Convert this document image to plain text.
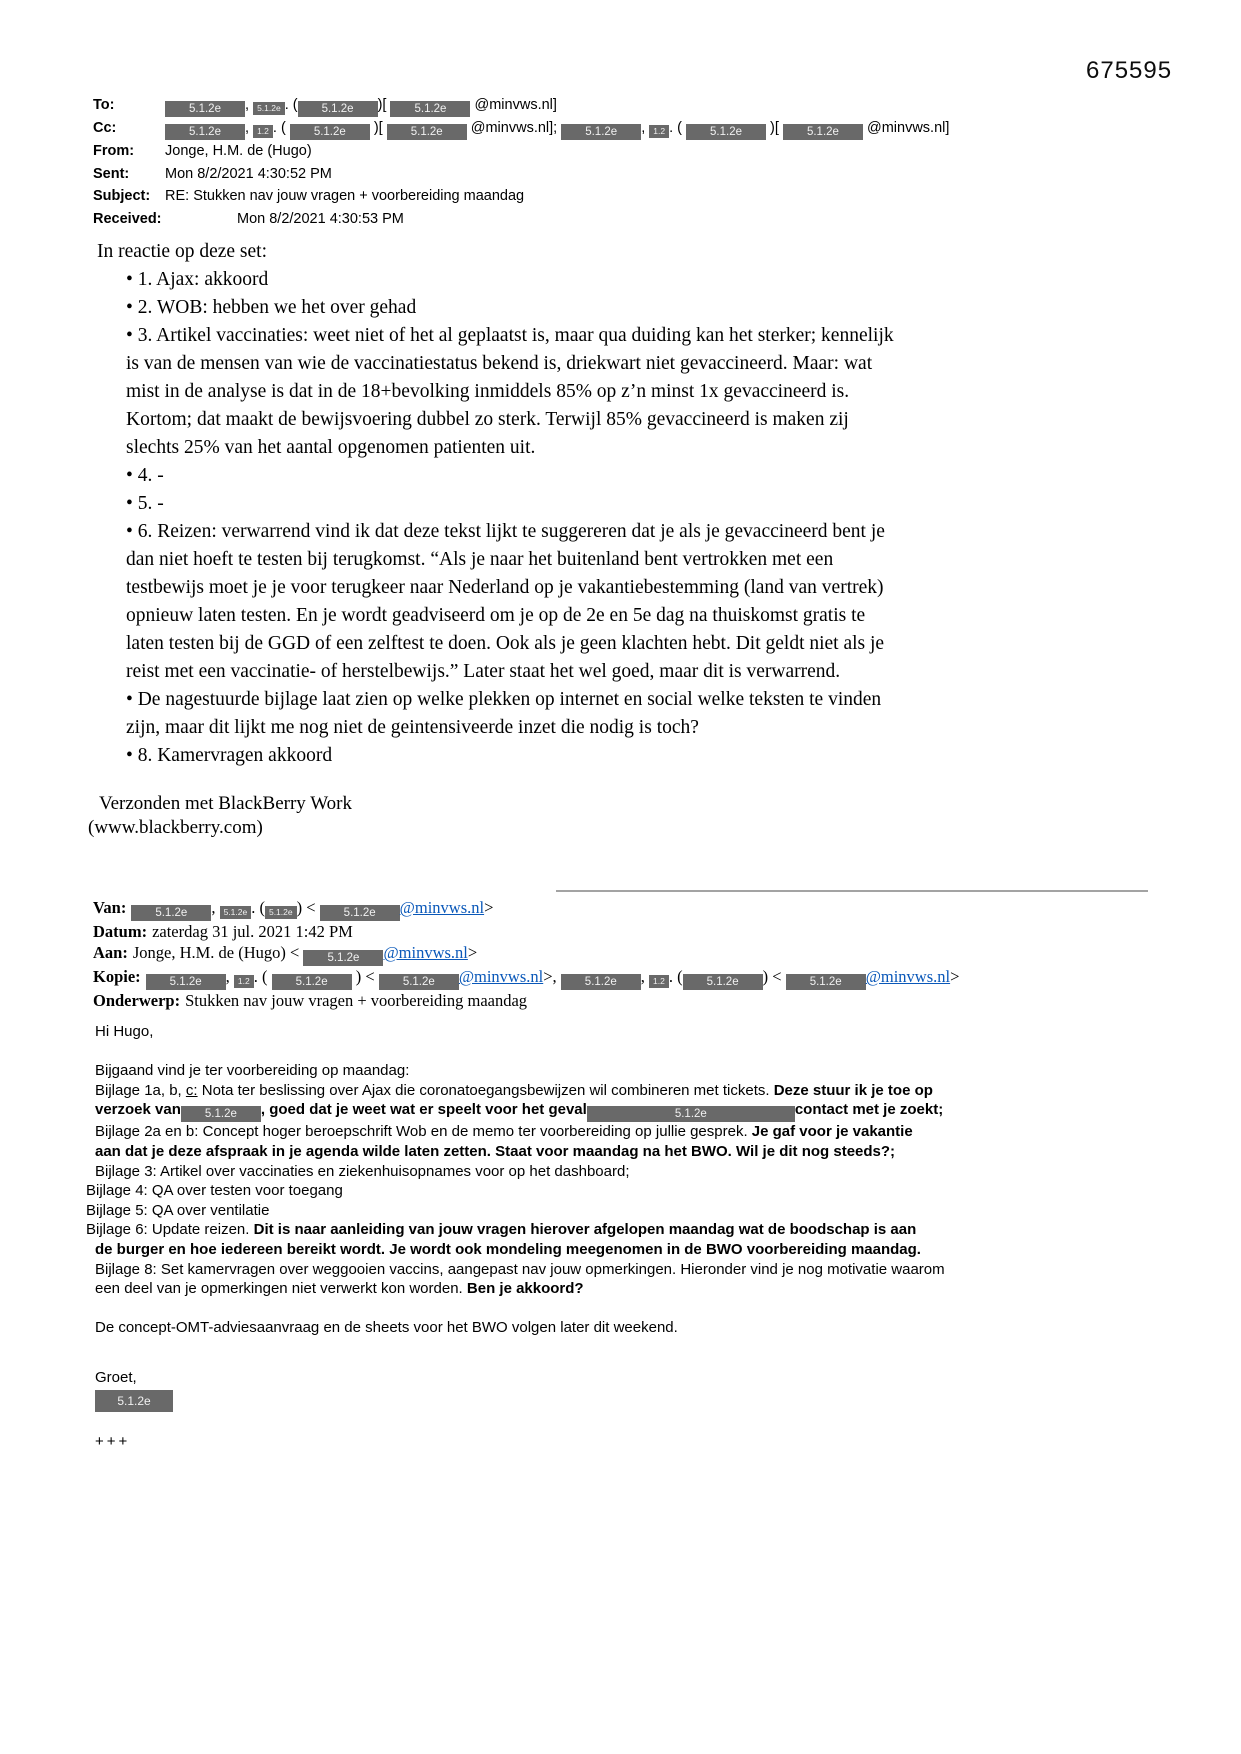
675595
To:	5.1.2e , 5.1.2e . ( 5.1.2e )[ 5.1.2e @minvws.nl]
Cc:	5.1.2e , 1.2 . ( 5.1.2e )[ 5.1.2e @minvws.nl]; 5.1.2e , 1.2 . ( 5.1.2e )[ 5.1.2e @minvws.nl]
From: Jonge, H.M. de (Hugo)
Sent: Mon 8/2/2021 4:30:52 PM
Subject: RE: Stukken nav jouw vragen + voorbereiding maandag
Received:	Mon 8/2/2021 4:30:53 PM
In reactie op deze set:
• 1. Ajax: akkoord
• 2. WOB: hebben we het over gehad
• 3. Artikel vaccinaties: weet niet of het al geplaatst is, maar qua duiding kan het sterker; kennelijk
is van de mensen van wie de vaccinatiestatus bekend is, driekwart niet gevaccineerd. Maar: wat
mist in de analyse is dat in de 18+bevolking inmiddels 85% op z’n minst 1x gevaccineerd is.
Kortom; dat maakt de bewijsvoering dubbel zo sterk. Terwijl 85% gevaccineerd is maken zij
slechts 25% van het aantal opgenomen patienten uit.
• 4. -
• 5. -
• 6. Reizen: verwarrend vind ik dat deze tekst lijkt te suggereren dat je als je gevaccineerd bent je
dan niet hoeft te testen bij terugkomst. “Als je naar het buitenland bent vertrokken met een
testbewijs moet je je voor terugkeer naar Nederland op je vakantiebestemming (land van vertrek)
opnieuw laten testen. En je wordt geadviseerd om je op de 2e en 5e dag na thuiskomst gratis te
laten testen bij de GGD of een zelftest te doen. Ook als je geen klachten hebt. Dit geldt niet als je
reist met een vaccinatie- of herstelbewijs.” Later staat het wel goed, maar dit is verwarrend.
• De nagestuurde bijlage laat zien op welke plekken op internet en social welke teksten te vinden
zijn, maar dit lijkt me nog niet de geintensiveerde inzet die nodig is toch?
• 8. Kamervragen akkoord
Verzonden met BlackBerry Work
(www.blackberry.com)
Van:	5.1.2e , 5.1.2e . ( 5.1.2e ) < 5.1.2e @minvws.nl>
Datum: zaterdag 31 jul. 2021 1:42 PM
Aan: Jonge, H.M. de (Hugo) < 5.1.2e @minvws.nl>
Kopie:	5.1.2e , 1.2 . ( 5.1.2e ) < 5.1.2e @minvws.nl>, 5.1.2e , 1.2 . ( 5.1.2e ) < 5.1.2e @minvws.nl>
Onderwerp: Stukken nav jouw vragen + voorbereiding maandag
Hi Hugo,
Bijgaand vind je ter voorbereiding op maandag:
Bijlage 1a, b, c: Nota ter beslissing over Ajax die coronatoegangsbewijzen wil combineren met tickets. Deze stuur ik je toe op
verzoek van 5.1.2e , goed dat je weet wat er speelt voor het geval	5.1.2e	contact met je zoekt;
Bijlage 2a en b: Concept hoger beroepschrift Wob en de memo ter voorbereiding op jullie gesprek. Je gaf voor je vakantie
aan dat je deze afspraak in je agenda wilde laten zetten. Staat voor maandag na het BWO. Wil je dit nog steeds?;
Bijlage 3: Artikel over vaccinaties en ziekenhuisopnames voor op het dashboard;
Bijlage 4: QA over testen voor toegang
Bijlage 5: QA over ventilatie
Bijlage 6: Update reizen. Dit is naar aanleiding van jouw vragen hierover afgelopen maandag wat de boodschap is aan
de burger en hoe iedereen bereikt wordt. Je wordt ook mondeling meegenomen in de BWO voorbereiding maandag.
Bijlage 8: Set kamervragen over weggooien vaccins, aangepast nav jouw opmerkingen. Hieronder vind je nog motivatie waarom
een deel van je opmerkingen niet verwerkt kon worden. Ben je akkoord?
De concept-OMT-adviesaanvraag en de sheets voor het BWO volgen later dit weekend.
Groet,
5.1.2e
+++
